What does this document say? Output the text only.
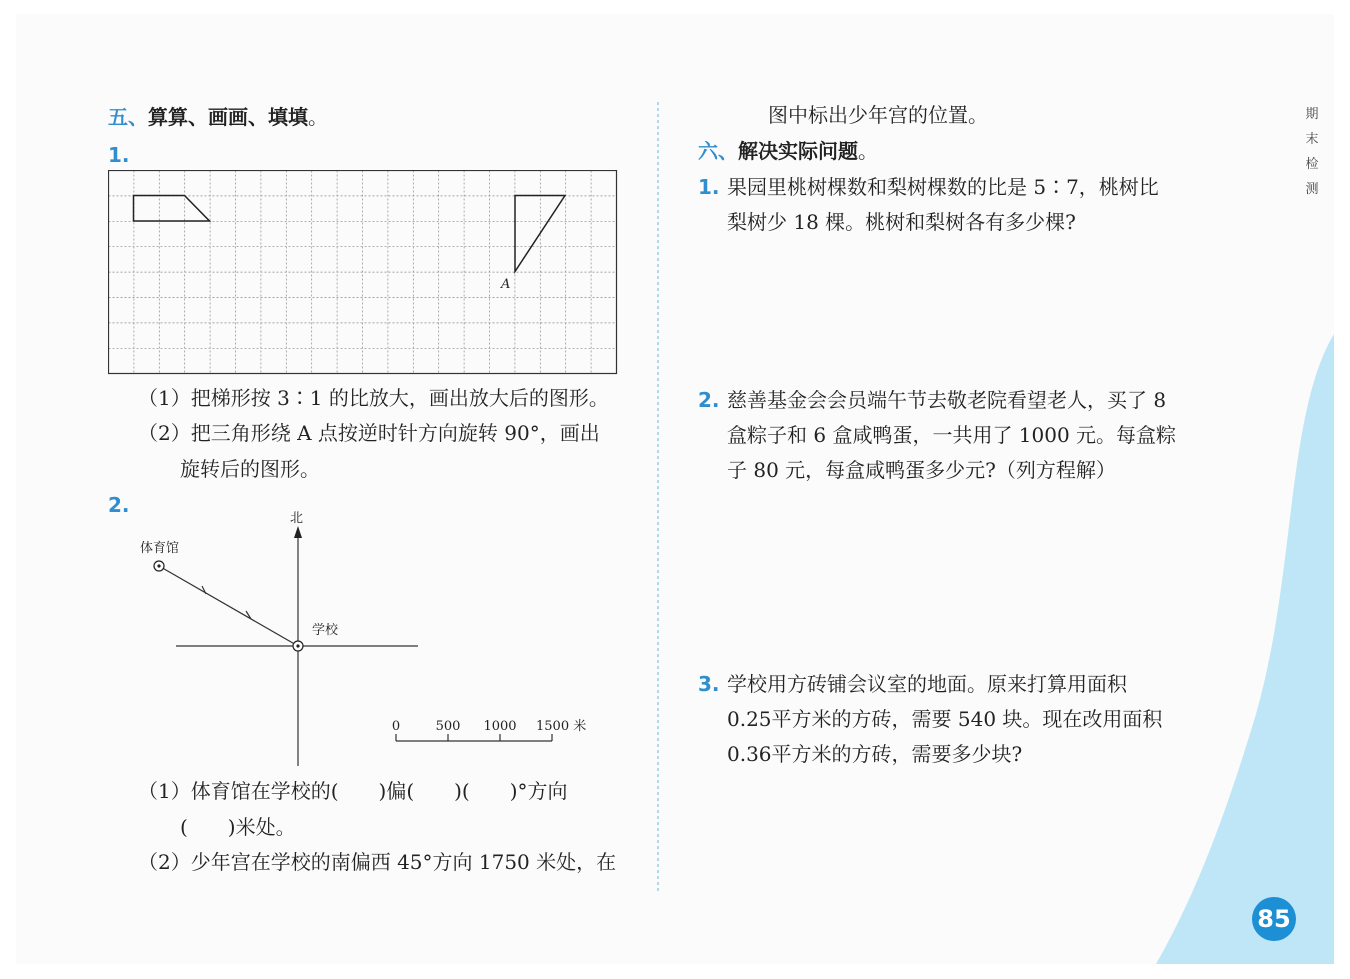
五、算算、画画、填填。
1.
A
（1）把梯形按 3∶1 的比放大，画出放大后的图形。
（2）把三角形绕 A 点按逆时针方向旋转 90°，画出
旋转后的图形。
2.
北
体育馆
学校
0	500 1000 1500 米
（1）体育馆在学校的(　　)偏(　　)(　　)°方向
(　　)米处。
（2）少年宫在学校的南偏西 45°方向 1750 米处，在
图中标出少年宫的位置。
六、解决实际问题。
1. 果园里桃树棵数和梨树棵数的比是 5∶7，桃树比
梨树少 18 棵。桃树和梨树各有多少棵?
2. 慈善基金会会员端午节去敬老院看望老人，买了 8
盒粽子和 6 盒咸鸭蛋，一共用了 1000 元。每盒粽
子 80 元，每盒咸鸭蛋多少元?（列方程解）
3. 学校用方砖铺会议室的地面。原来打算用面积
0.25平方米的方砖，需要 540 块。现在改用面积
0.36平方米的方砖，需要多少块?
期
末
检
测
85
